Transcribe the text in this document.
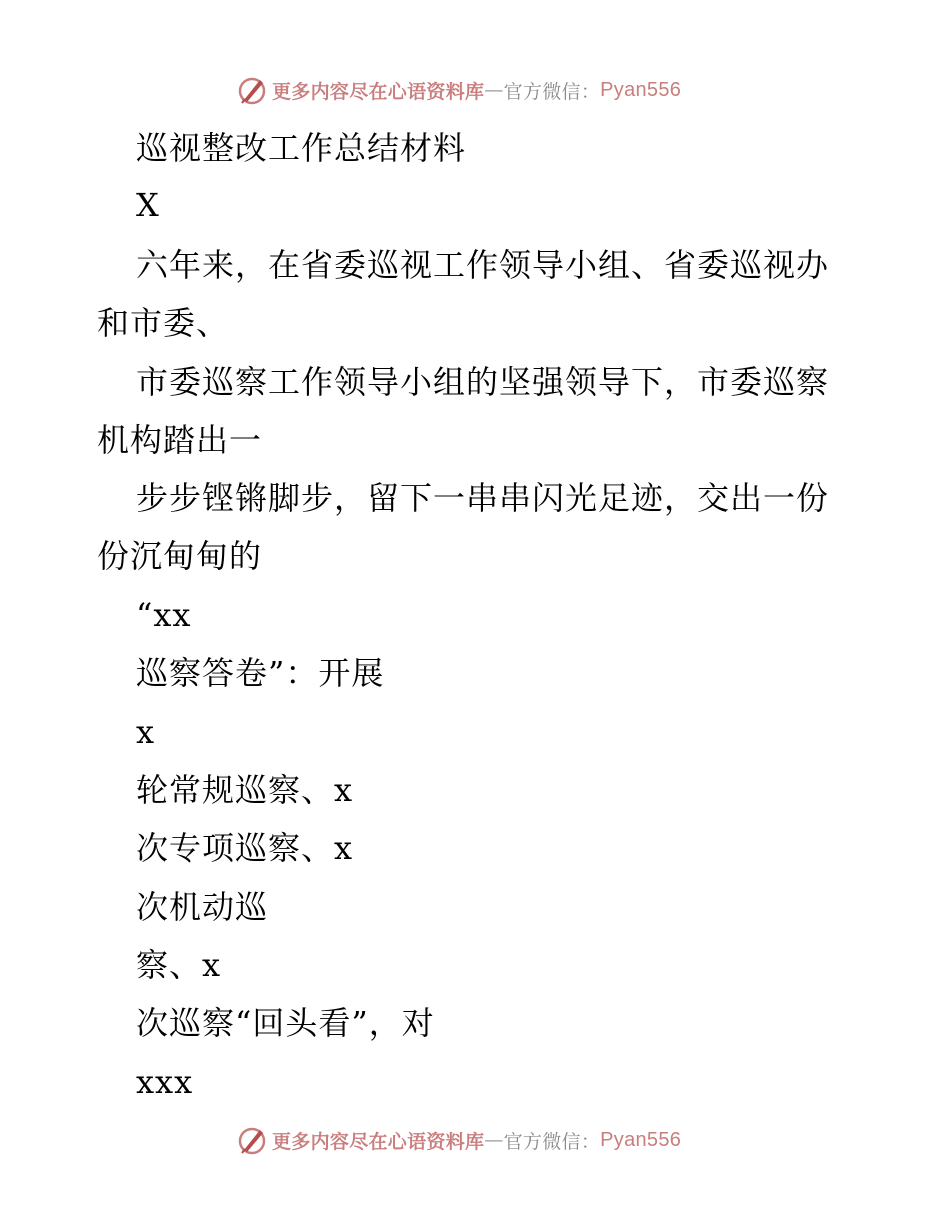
更多内容尽在心语资料库 — 官方微信： Pyan556
巡视整改工作总结材料
X
六年来，在省委巡视工作领导小组、省委巡视办
和市委、
市委巡察工作领导小组的坚强领导下，市委巡察
机构踏出一
步步铿锵脚步，留下一串串闪光足迹，交出一份
份沉甸甸的
“xx
巡察答卷”：开展
x
轮常规巡察、x
次专项巡察、x
次机动巡
察、x
次巡察“回头看”，对
xxx
更多内容尽在心语资料库 — 官方微信： Pyan556
